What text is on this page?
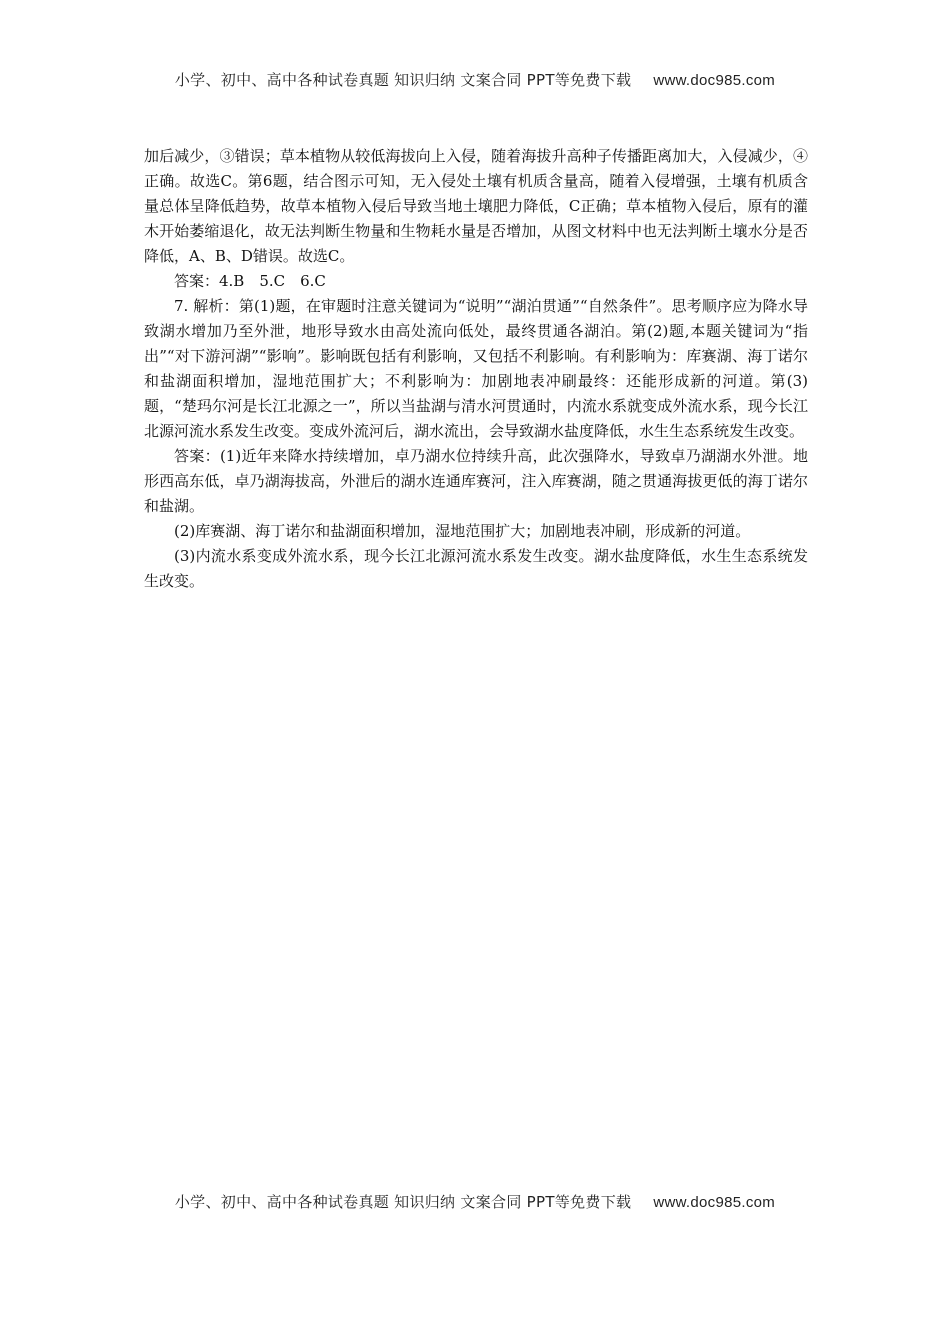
小学、初中、高中各种试卷真题 知识归纳 文案合同 PPT等免费下载 www.doc985.com

加后减少，③错误；草本植物从较低海拔向上入侵，随着海拔升高种子传播距离加大，入侵减少，④正确。故选C。第6题，结合图示可知，无入侵处土壤有机质含量高，随着入侵增强，土壤有机质含量总体呈降低趋势，故草本植物入侵后导致当地土壤肥力降低，C正确；草本植物入侵后，原有的灌木开始萎缩退化，故无法判断生物量和生物耗水量是否增加，从图文材料中也无法判断土壤水分是否降低，A、B、D错误。故选C。

答案：4.B　5.C　6.C

7. 解析：第(1)题，在审题时注意关键词为“说明”“湖泊贯通”“自然条件”。思考顺序应为降水导致湖水增加乃至外泄，地形导致水由高处流向低处，最终贯通各湖泊。第(2)题,本题关键词为“指出”“对下游河湖”“影响”。影响既包括有利影响，又包括不利影响。有利影响为：库赛湖、海丁诺尔和盐湖面积增加，湿地范围扩大；不利影响为：加剧地表冲刷最终：还能形成新的河道。第(3)题，“楚玛尔河是长江北源之一”，所以当盐湖与清水河贯通时，内流水系就变成外流水系，现今长江北源河流水系发生改变。变成外流河后，湖水流出，会导致湖水盐度降低，水生生态系统发生改变。

答案：(1)近年来降水持续增加，卓乃湖水位持续升高，此次强降水，导致卓乃湖湖水外泄。地形西高东低，卓乃湖海拔高，外泄后的湖水连通库赛河，注入库赛湖，随之贯通海拔更低的海丁诺尔和盐湖。

(2)库赛湖、海丁诺尔和盐湖面积增加，湿地范围扩大；加剧地表冲刷，形成新的河道。

(3)内流水系变成外流水系，现今长江北源河流水系发生改变。湖水盐度降低，水生生态系统发生改变。

小学、初中、高中各种试卷真题 知识归纳 文案合同 PPT等免费下载 www.doc985.com
